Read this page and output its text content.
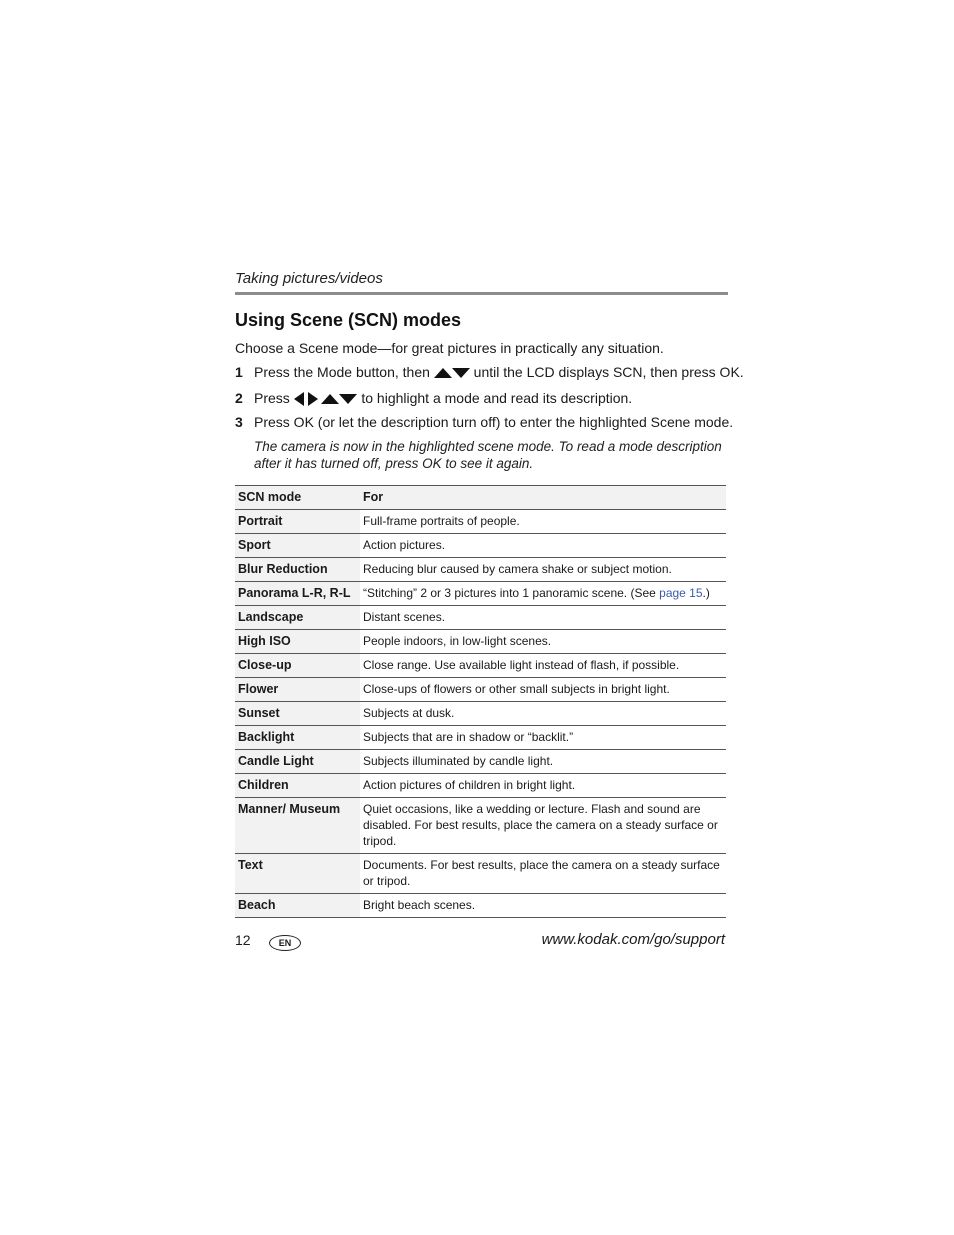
Taking pictures/videos
Using Scene (SCN) modes
Choose a Scene mode—for great pictures in practically any situation.
1 Press the Mode button, then	until the LCD displays SCN, then press OK.
2 Press	to highlight a mode and read its description.
3 Press OK (or let the description turn off) to enter the highlighted Scene mode.
The camera is now in the highlighted scene mode. To read a mode description after it has turned off, press OK to see it again.
SCN mode	For
Portrait	Full-frame portraits of people.
Sport	Action pictures.
Blur Reduction	Reducing blur caused by camera shake or subject motion.
Panorama L-R, R-L	“Stitching” 2 or 3 pictures into 1 panoramic scene. (See page 15.)
Landscape	Distant scenes.
High ISO	People indoors, in low-light scenes.
Close-up	Close range. Use available light instead of flash, if possible.
Flower	Close-ups of flowers or other small subjects in bright light.
Sunset	Subjects at dusk.
Backlight	Subjects that are in shadow or “backlit.”
Candle Light	Subjects illuminated by candle light.
Children	Action pictures of children in bright light.
Manner/ Museum	Quiet occasions, like a wedding or lecture. Flash and sound are disabled. For best results, place the camera on a steady surface or tripod.
Text	Documents. For best results, place the camera on a steady surface or tripod.
Beach	Bright beach scenes.
12	EN	www.kodak.com/go/support
